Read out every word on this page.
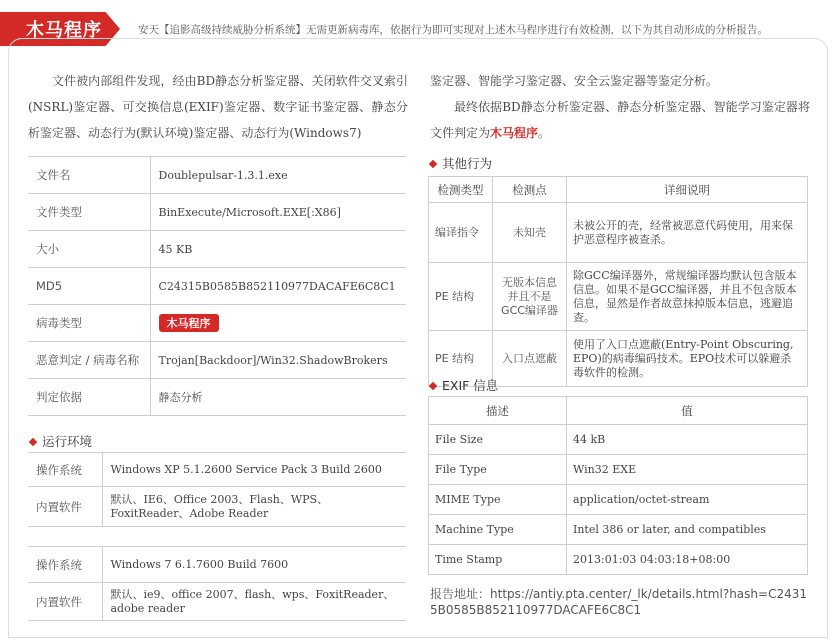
木马程序	安天【追影高级持续威胁分析系统】无需更新病毒库，依据行为即可实现对上述木马程序进行有效检测，以下为其自动形成的分析报告。
文件被内部组件发现，经由BD静态分析鉴定器、关闭软件交叉索引(NSRL)鉴定器、可交换信息(EXIF)鉴定器、数字证书鉴定器、静态分析鉴定器、动态行为(默认环境)鉴定器、动态行为(Windows7)
鉴定器、智能学习鉴定器、安全云鉴定器等鉴定分析。
最终依据BD静态分析鉴定器、静态分析鉴定器、智能学习鉴定器将文件判定为木马程序。
文件名	Doublepulsar-1.3.1.exe
文件类型	BinExecute/Microsoft.EXE[:X86]
大小	45 KB
MD5	C24315B0585B852110977DACAFE6C8C1
病毒类型	木马程序
恶意判定 / 病毒名称	Trojan[Backdoor]/Win32.ShadowBrokers
判定依据	静态分析
运行环境
操作系统	Windows XP 5.1.2600 Service Pack 3 Build 2600
内置软件	默认、IE6、Office 2003、Flash、WPS、FoxitReader、Adobe Reader
操作系统	Windows 7 6.1.7600 Build 7600
内置软件	默认、ie9、office 2007、flash、wps、FoxitReader、adobe reader
其他行为
检测类型	检测点	详细说明
编译指令	未知壳	未被公开的壳，经常被恶意代码使用，用来保护恶意程序被查杀。
PE 结构	无版本信息并且不是GCC编译器	除GCC编译器外，常规编译器均默认包含版本信息。如果不是GCC编译器，并且不包含版本信息，显然是作者故意抹掉版本信息，逃避追查。
PE 结构	入口点遮蔽	使用了入口点遮蔽(Entry-Point Obscuring, EPO)的病毒编码技术。EPO技术可以躲避杀毒软件的检测。
EXIF 信息
描述	值
File Size	44 kB
File Type	Win32 EXE
MIME Type	application/octet-stream
Machine Type	Intel 386 or later, and compatibles
Time Stamp	2013:01:03 04:03:18+08:00
报告地址：https://antiy.pta.center/_lk/details.html?hash=C24315B0585B852110977DACAFE6C8C1
